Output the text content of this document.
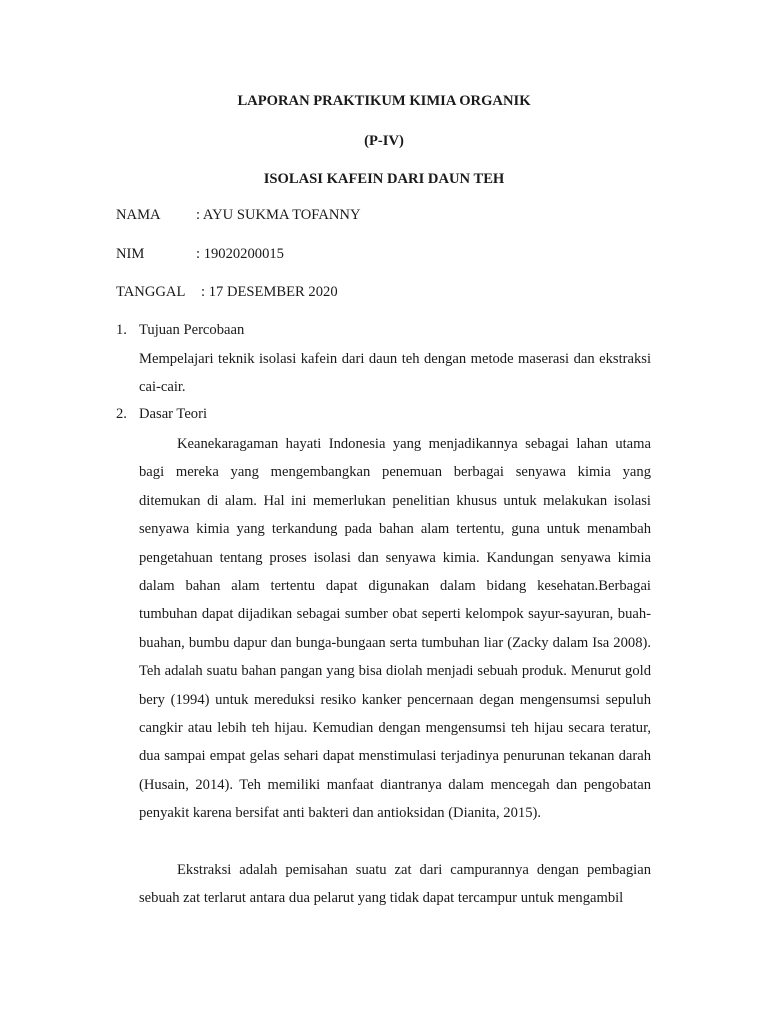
LAPORAN PRAKTIKUM KIMIA ORGANIK
(P-IV)
ISOLASI KAFEIN DARI DAUN TEH
NAMA : AYU SUKMA TOFANNY
NIM	: 19020200015
TANGGAL : 17 DESEMBER 2020
1. Tujuan Percobaan

Mempelajari teknik isolasi kafein dari daun teh dengan metode maserasi dan ekstraksi cai-cair.

2. Dasar Teori

Keanekaragaman hayati Indonesia yang menjadikannya sebagai lahan utama bagi mereka yang mengembangkan penemuan berbagai senyawa kimia yang ditemukan di alam. Hal ini memerlukan penelitian khusus untuk melakukan isolasi senyawa kimia yang terkandung pada bahan alam tertentu, guna untuk menambah pengetahuan tentang proses isolasi dan senyawa kimia. Kandungan senyawa kimia dalam bahan alam tertentu dapat digunakan dalam bidang kesehatan.Berbagai tumbuhan dapat dijadikan sebagai sumber obat seperti kelompok sayur-sayuran, buah-buahan, bumbu dapur dan bunga-bungaan serta tumbuhan liar (Zacky dalam Isa 2008). Teh adalah suatu bahan pangan yang bisa diolah menjadi sebuah produk. Menurut gold bery (1994) untuk mereduksi resiko kanker pencernaan degan mengensumsi sepuluh cangkir atau lebih teh hijau. Kemudian dengan mengensumsi teh hijau secara teratur, dua sampai empat gelas sehari dapat menstimulasi terjadinya penurunan tekanan darah (Husain, 2014). Teh memiliki manfaat diantranya dalam mencegah dan pengobatan penyakit karena bersifat anti bakteri dan antioksidan (Dianita, 2015).

Ekstraksi adalah pemisahan suatu zat dari campurannya dengan pembagian sebuah zat terlarut antara dua pelarut yang tidak dapat tercampur untuk mengambil
